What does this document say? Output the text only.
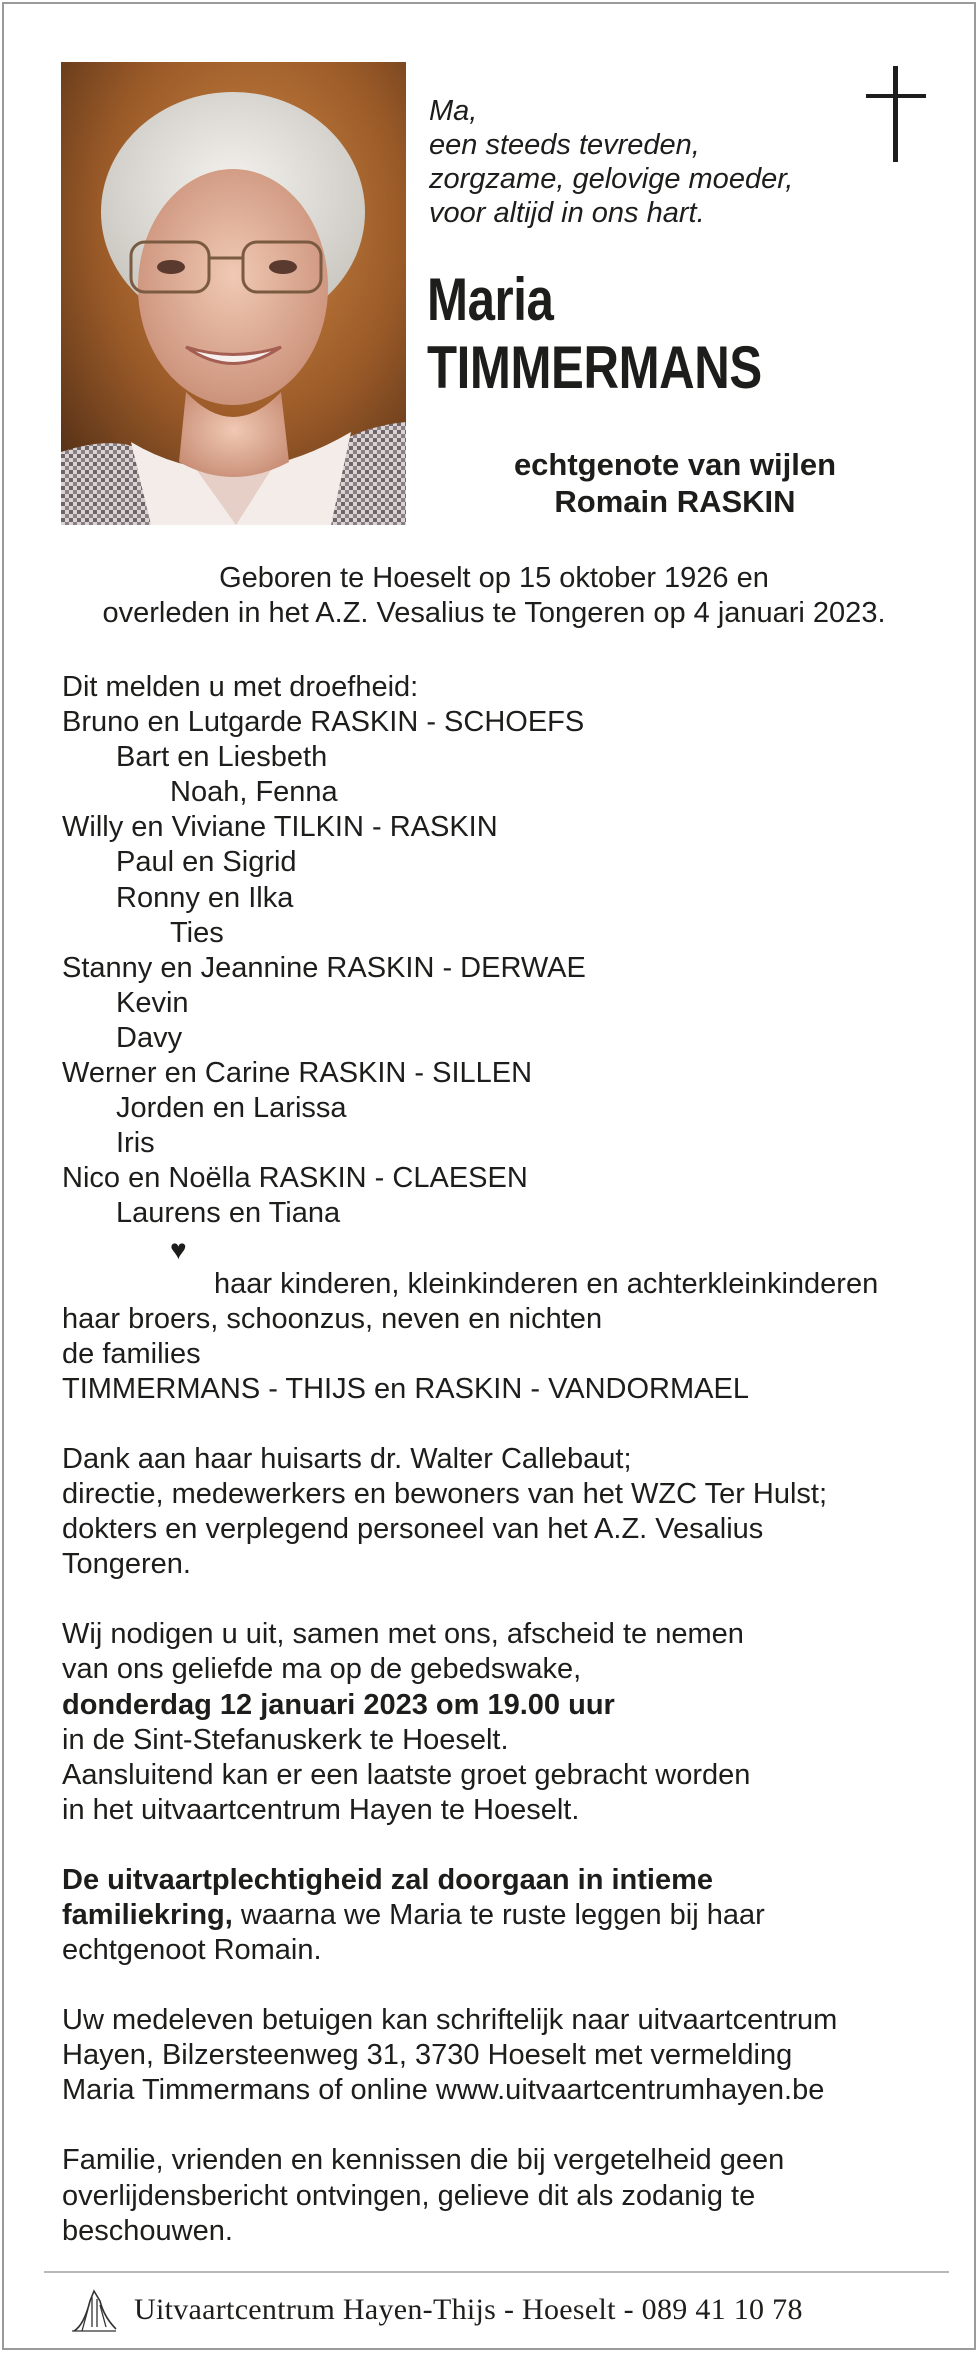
Ma,
een steeds tevreden,
zorgzame, gelovige moeder,
voor altijd in ons hart.
Maria
TIMMERMANS
echtgenote van wijlen
Romain RASKIN
Geboren te Hoeselt op 15 oktober 1926 en
overleden in het A.Z. Vesalius te Tongeren op 4 januari 2023.
Dit melden u met droefheid:
Bruno en Lutgarde RASKIN - SCHOEFS
Bart en Liesbeth
Noah, Fenna
Willy en Viviane TILKIN - RASKIN
Paul en Sigrid
Ronny en Ilka
Ties
Stanny en Jeannine RASKIN - DERWAE
Kevin
Davy
Werner en Carine RASKIN - SILLEN
Jorden en Larissa
Iris
Nico en Noëlla RASKIN - CLAESEN
Laurens en Tiana
♥
haar kinderen, kleinkinderen en achterkleinkinderen
haar broers, schoonzus, neven en nichten
de families
TIMMERMANS - THIJS en RASKIN - VANDORMAEL
Dank aan haar huisarts dr. Walter Callebaut;
directie, medewerkers en bewoners van het WZC Ter Hulst;
dokters en verplegend personeel van het A.Z. Vesalius
Tongeren.
Wij nodigen u uit, samen met ons, afscheid te nemen
van ons geliefde ma op de gebedswake,
donderdag 12 januari 2023 om 19.00 uur
in de Sint-Stefanuskerk te Hoeselt.
Aansluitend kan er een laatste groet gebracht worden
in het uitvaartcentrum Hayen te Hoeselt.
De uitvaartplechtigheid zal doorgaan in intieme
familiekring, waarna we Maria te ruste leggen bij haar
echtgenoot Romain.
Uw medeleven betuigen kan schriftelijk naar uitvaartcentrum
Hayen, Bilzersteenweg 31, 3730 Hoeselt met vermelding
Maria Timmermans of online www.uitvaartcentrumhayen.be
Familie, vrienden en kennissen die bij vergetelheid geen
overlijdensbericht ontvingen, gelieve dit als zodanig te
beschouwen.
Uitvaartcentrum Hayen-Thijs - Hoeselt - 089 41 10 78
